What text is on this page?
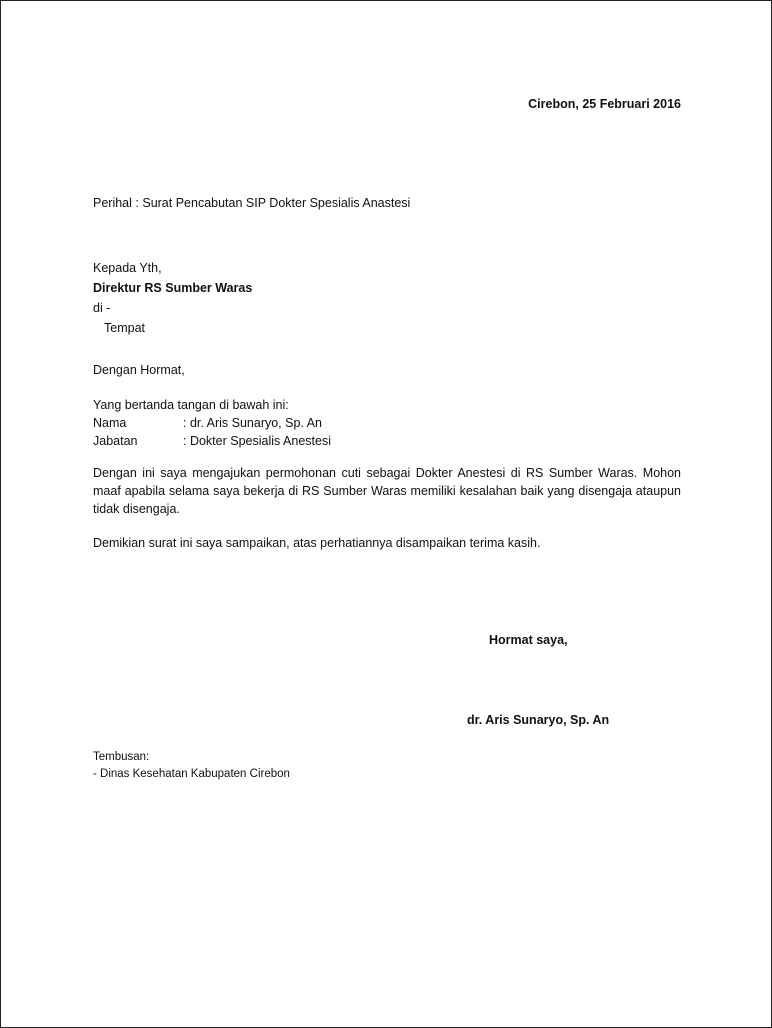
Cirebon, 25 Februari 2016
Perihal : Surat Pencabutan SIP Dokter Spesialis Anastesi
Kepada Yth,
Direktur RS Sumber Waras
di -
Tempat
Dengan Hormat,
Yang bertanda tangan di bawah ini:
Nama	: dr. Aris Sunaryo, Sp. An
Jabatan	: Dokter Spesialis Anestesi
Dengan ini saya mengajukan permohonan cuti sebagai Dokter Anestesi di RS Sumber Waras. Mohon maaf apabila selama saya bekerja di RS Sumber Waras memiliki kesalahan baik yang disengaja ataupun tidak disengaja.
Demikian surat ini saya sampaikan, atas perhatiannya disampaikan terima kasih.
Hormat saya,
dr. Aris Sunaryo, Sp. An
Tembusan:
- Dinas Kesehatan Kabupaten Cirebon
